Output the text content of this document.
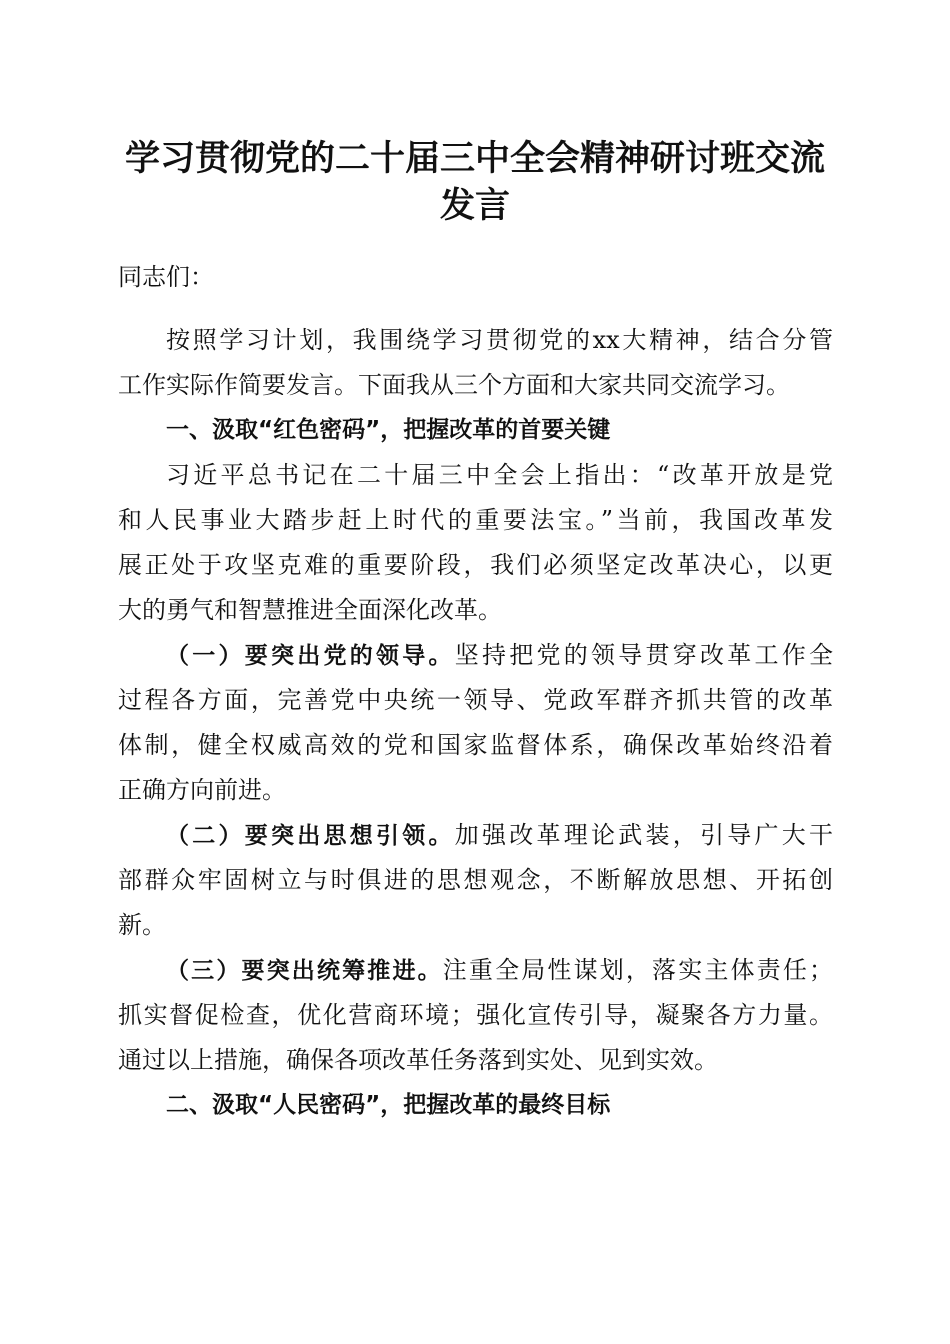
学习贯彻党的二十届三中全会精神研讨班交流
发言
同志们：
按照学习计划，我围绕学习贯彻党的xx大精神，结合分管
工作实际作简要发言。下面我从三个方面和大家共同交流学习。
一、汲取“红色密码”，把握改革的首要关键
习近平总书记在二十届三中全会上指出：“改革开放是党
和人民事业大踏步赶上时代的重要法宝。”当前，我国改革发
展正处于攻坚克难的重要阶段，我们必须坚定改革决心，以更
大的勇气和智慧推进全面深化改革。
（一）要突出党的领导。坚持把党的领导贯穿改革工作全
过程各方面，完善党中央统一领导、党政军群齐抓共管的改革
体制，健全权威高效的党和国家监督体系，确保改革始终沿着
正确方向前进。
（二）要突出思想引领。加强改革理论武装，引导广大干
部群众牢固树立与时俱进的思想观念，不断解放思想、开拓创
新。
（三）要突出统筹推进。注重全局性谋划，落实主体责任；
抓实督促检查，优化营商环境；强化宣传引导，凝聚各方力量。
通过以上措施，确保各项改革任务落到实处、见到实效。
二、汲取“人民密码”，把握改革的最终目标
